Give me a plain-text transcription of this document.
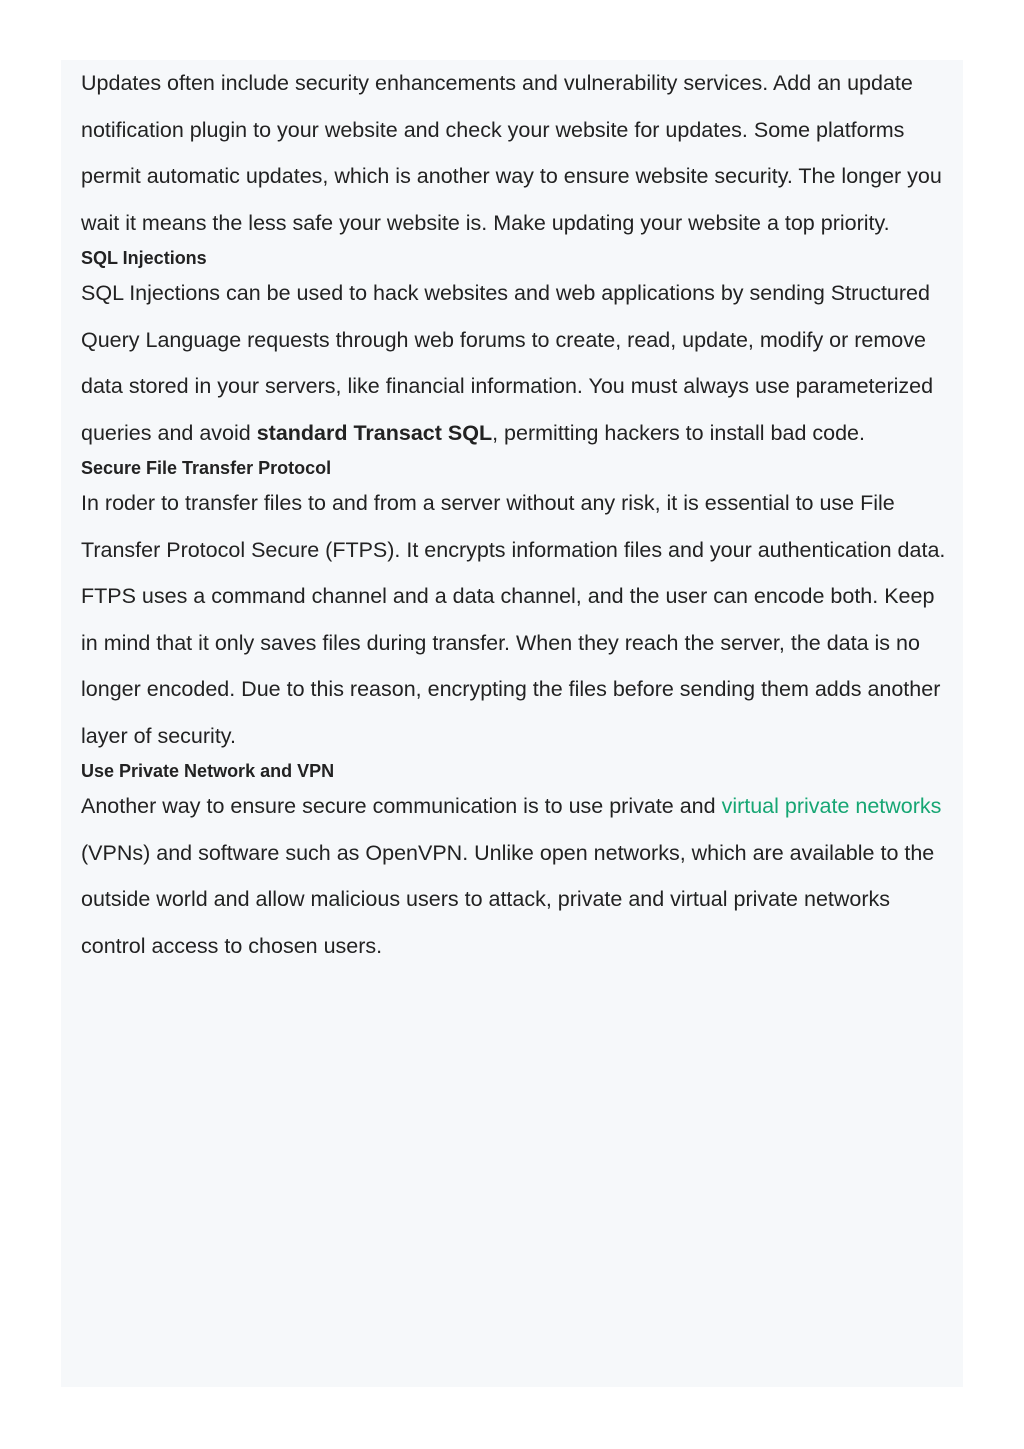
Updates often include security enhancements and vulnerability services. Add an update notification plugin to your website and check your website for updates. Some platforms permit automatic updates, which is another way to ensure website security. The longer you wait it means the less safe your website is. Make updating your website a top priority.

SQL Injections

SQL Injections can be used to hack websites and web applications by sending Structured Query Language requests through web forums to create, read, update, modify or remove data stored in your servers, like financial information. You must always use parameterized queries and avoid standard Transact SQL, permitting hackers to install bad code.

Secure File Transfer Protocol

In roder to transfer files to and from a server without any risk, it is essential to use File Transfer Protocol Secure (FTPS). It encrypts information files and your authentication data. FTPS uses a command channel and a data channel, and the user can encode both. Keep in mind that it only saves files during transfer. When they reach the server, the data is no longer encoded. Due to this reason, encrypting the files before sending them adds another layer of security.

Use Private Network and VPN

Another way to ensure secure communication is to use private and virtual private networks (VPNs) and software such as OpenVPN. Unlike open networks, which are available to the outside world and allow malicious users to attack, private and virtual private networks control access to chosen users.
